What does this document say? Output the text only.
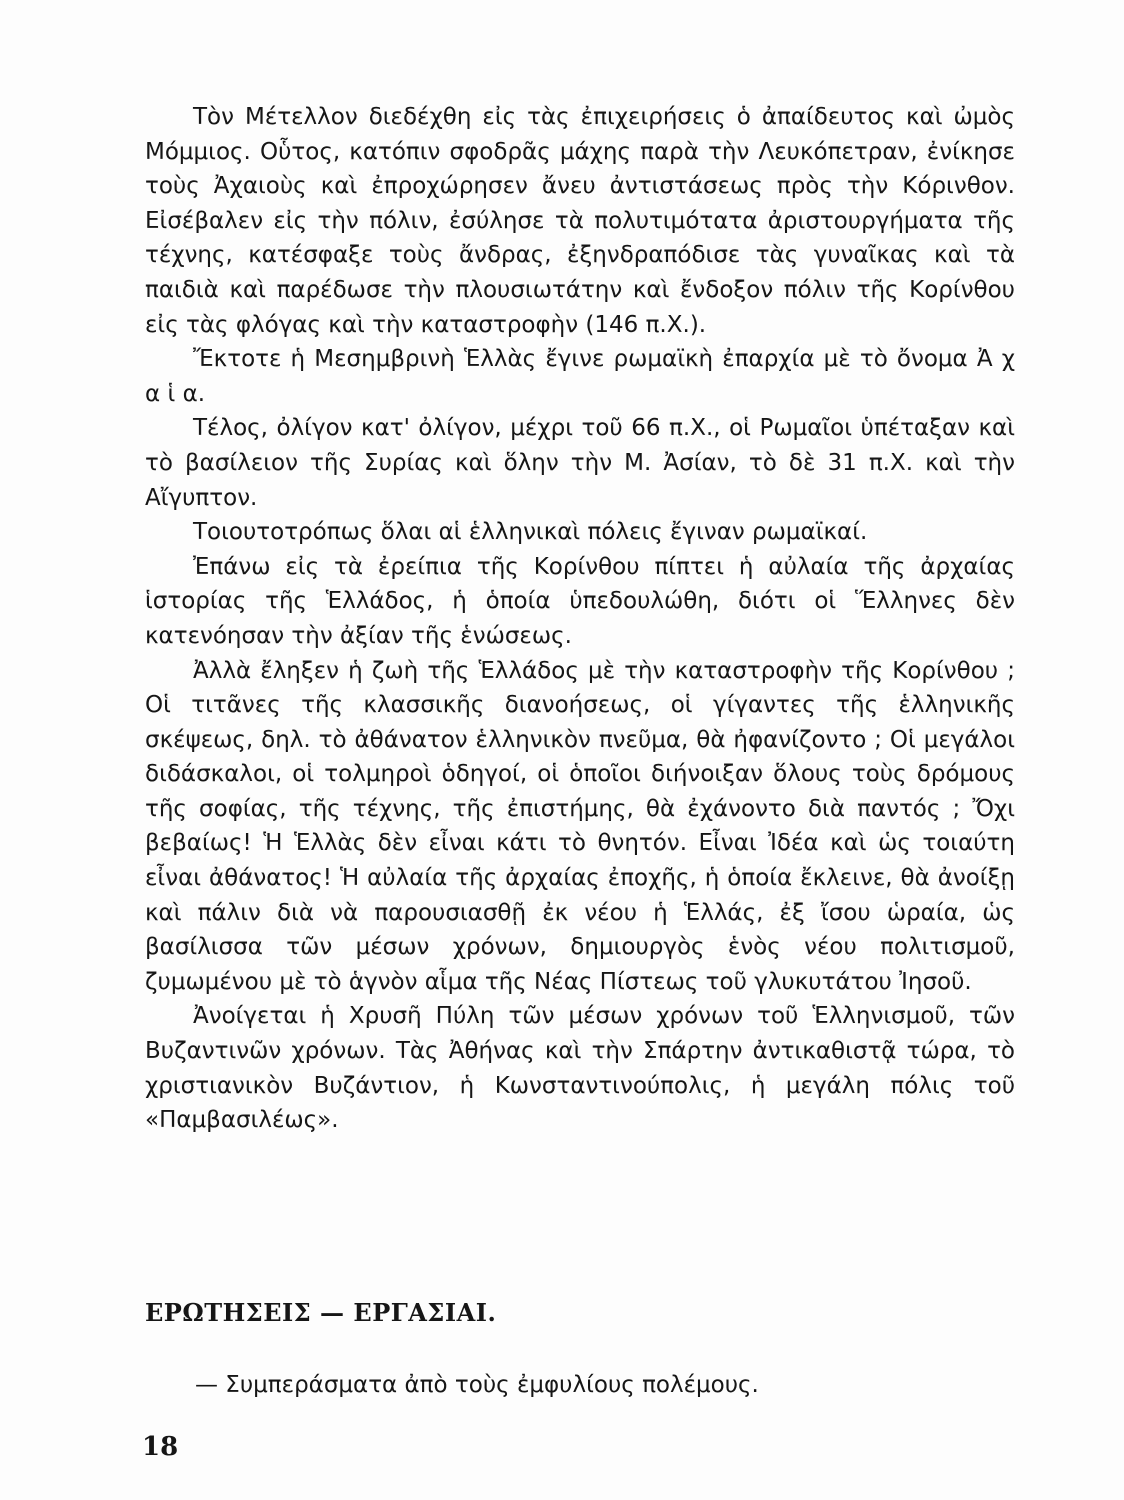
Τὸν Μέτελλον διεδέχθη εἰς τὰς ἐπιχειρήσεις ὁ ἀπαίδευτος καὶ ὠμὸς Μόμμιος. Οὗτος, κατόπιν σφοδρᾶς μάχης παρὰ τὴν Λευκόπετραν, ἐνίκησε τοὺς Ἀχαιοὺς καὶ ἐπροχώρησεν ἄνευ ἀντιστάσεως πρὸς τὴν Κόρινθον. Εἰσέβαλεν εἰς τὴν πόλιν, ἐσύλησε τὰ πολυτιμότατα ἀριστουργήματα τῆς τέχνης, κατέσφαξε τοὺς ἄνδρας, ἐξηνδραπόδισε τὰς γυναῖκας καὶ τὰ παιδιὰ καὶ παρέδωσε τὴν πλουσιωτάτην καὶ ἔνδοξον πόλιν τῆς Κορίνθου εἰς τὰς φλόγας καὶ τὴν καταστροφὴν (146 π.Χ.).

Ἔκτοτε ἡ Μεσημβρινὴ Ἑλλὰς ἔγινε ρωμαϊκὴ ἐπαρχία μὲ τὸ ὄνομα Ἀ χ α ἱ α.

Τέλος, ὀλίγον κατ' ὀλίγον, μέχρι τοῦ 66 π.Χ., οἱ Ρωμαῖοι ὑπέταξαν καὶ τὸ βασίλειον τῆς Συρίας καὶ ὅλην τὴν Μ. Ἀσίαν, τὸ δὲ 31 π.Χ. καὶ τὴν Αἴγυπτον.

Τοιουτοτρόπως ὅλαι αἱ ἑλληνικαὶ πόλεις ἔγιναν ρωμαϊκαί.

Ἐπάνω εἰς τὰ ἐρείπια τῆς Κορίνθου πίπτει ἡ αὐλαία τῆς ἀρχαίας ἱστορίας τῆς Ἑλλάδος, ἡ ὁποία ὑπεδουλώθη, διότι οἱ Ἕλληνες δὲν κατενόησαν τὴν ἀξίαν τῆς ἑνώσεως.

Ἀλλὰ ἔληξεν ἡ ζωὴ τῆς Ἑλλάδος μὲ τὴν καταστροφὴν τῆς Κορίνθου ; Οἱ τιτᾶνες τῆς κλασσικῆς διανοήσεως, οἱ γίγαντες τῆς ἑλληνικῆς σκέψεως, δηλ. τὸ ἀθάνατον ἑλληνικὸν πνεῦμα, θὰ ἠφανίζοντο ; Οἱ μεγάλοι διδάσκαλοι, οἱ τολμηροὶ ὁδηγοί, οἱ ὁποῖοι διήνοιξαν ὅλους τοὺς δρόμους τῆς σοφίας, τῆς τέχνης, τῆς ἐπιστήμης, θὰ ἐχάνοντο διὰ παντός ; Ὄχι βεβαίως! Ἡ Ἑλλὰς δὲν εἶναι κάτι τὸ θνητόν. Εἶναι Ἰδέα καὶ ὡς τοιαύτη εἶναι ἀθάνατος! Ἡ αὐλαία τῆς ἀρχαίας ἐποχῆς, ἡ ὁποία ἔκλεινε, θὰ ἀνοίξῃ καὶ πάλιν διὰ νὰ παρουσιασθῇ ἐκ νέου ἡ Ἑλλάς, ἐξ ἴσου ὡραία, ὡς βασίλισσα τῶν μέσων χρόνων, δημιουργὸς ἑνὸς νέου πολιτισμοῦ, ζυμωμένου μὲ τὸ ἁγνὸν αἷμα τῆς Νέας Πίστεως τοῦ γλυκυτάτου Ἰησοῦ.

Ἀνοίγεται ἡ Χρυσῆ Πύλη τῶν μέσων χρόνων τοῦ Ἑλληνισμοῦ, τῶν Βυζαντινῶν χρόνων. Τὰς Ἀθήνας καὶ τὴν Σπάρτην ἀντικαθιστᾷ τώρα, τὸ χριστιανικὸν Βυζάντιον, ἡ Κωνσταντινούπολις, ἡ μεγάλη πόλις τοῦ «Παμβασιλέως».

ΕΡΩΤΗΣΕΙΣ — ΕΡΓΑΣΙΑΙ.

— Συμπεράσματα ἀπὸ τοὺς ἐμφυλίους πολέμους.

18
